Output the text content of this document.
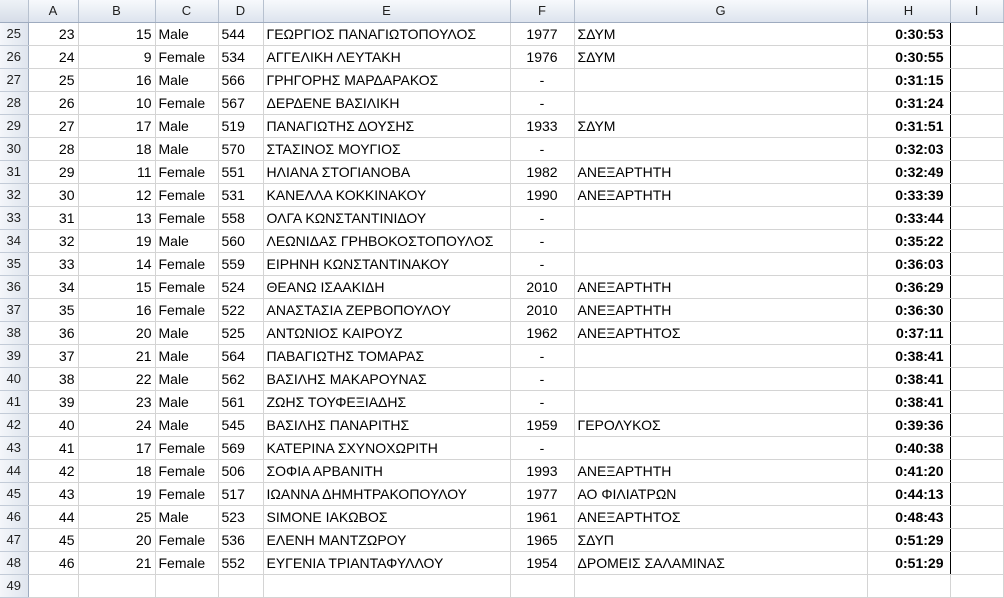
	A	B	C	D	E	F	G	H	I
25	23	15	Male	544	ΓΕΩΡΓΙΟΣ ΠΑΝΑΓΙΩΤΟΠΟΥΛΟΣ	1977	ΣΔΥΜ	0:30:53	
26	24	9	Female	534	ΑΓΓΕΛΙΚΗ ΛΕΥΤΑΚΗ	1976	ΣΔΥΜ	0:30:55	
27	25	16	Male	566	ΓΡΗΓΟΡΗΣ ΜΑΡΔΑΡΑΚΟΣ	-		0:31:15	
28	26	10	Female	567	ΔΕΡΔΕΝΕ ΒΑΣΙΛΙΚΗ	-		0:31:24	
29	27	17	Male	519	ΠΑΝΑΓΙΩΤΗΣ ΔΟΥΣΗΣ	1933	ΣΔΥΜ	0:31:51	
30	28	18	Male	570	ΣΤΑΣΙΝΟΣ ΜΟΥΓΙΟΣ	-		0:32:03	
31	29	11	Female	551	ΗΛΙΑΝΑ ΣΤΟΓΙΑΝΟΒΑ	1982	ΑΝΕΞΑΡΤΗΤΗ	0:32:49	
32	30	12	Female	531	ΚΑΝΕΛΛΑ ΚΟΚΚΙΝΑΚΟΥ	1990	ΑΝΕΞΑΡΤΗΤΗ	0:33:39	
33	31	13	Female	558	ΟΛΓΑ ΚΩΝΣΤΑΝΤΙΝΙΔΟΥ	-		0:33:44	
34	32	19	Male	560	ΛΕΩΝΙΔΑΣ ΓΡΗΒΟΚΟΣΤΟΠΟΥΛΟΣ	-		0:35:22	
35	33	14	Female	559	ΕΙΡΗΝΗ ΚΩΝΣΤΑΝΤΙΝΑΚΟΥ	-		0:36:03	
36	34	15	Female	524	ΘΕΑΝΩ ΙΣΑΑΚΙΔΗ	2010	ΑΝΕΞΑΡΤΗΤΗ	0:36:29	
37	35	16	Female	522	ΑΝΑΣΤΑΣΙΑ ΖΕΡΒΟΠΟΥΛΟΥ	2010	ΑΝΕΞΑΡΤΗΤΗ	0:36:30	
38	36	20	Male	525	ΑΝΤΩΝΙΟΣ ΚΑΙΡΟΥΖ	1962	ΑΝΕΞΑΡΤΗΤΟΣ	0:37:11	
39	37	21	Male	564	ΠΑΒΑΓΙΩΤΗΣ ΤΟΜΑΡΑΣ	-		0:38:41	
40	38	22	Male	562	ΒΑΣΙΛΗΣ ΜΑΚΑΡΟΥΝΑΣ	-		0:38:41	
41	39	23	Male	561	ΖΩΗΣ ΤΟΥΦΕΞΙΑΔΗΣ	-		0:38:41	
42	40	24	Male	545	ΒΑΣΙΛΗΣ ΠΑΝΑΡΙΤΗΣ	1959	ΓΕΡΟΛΥΚΟΣ	0:39:36	
43	41	17	Female	569	ΚΑΤΕΡΙΝΑ ΣΧΥΝΟΧΩΡΙΤΗ	-		0:40:38	
44	42	18	Female	506	ΣΟΦΙΑ ΑΡΒΑΝΙΤΗ	1993	ΑΝΕΞΑΡΤΗΤΗ	0:41:20	
45	43	19	Female	517	ΙΩΑΝΝΑ ΔΗΜΗΤΡΑΚΟΠΟΥΛΟΥ	1977	ΑΟ ΦΙΛΙΑΤΡΩΝ	0:44:13	
46	44	25	Male	523	SIMONE ΙΑΚΩΒΟΣ	1961	ΑΝΕΞΑΡΤΗΤΟΣ	0:48:43	
47	45	20	Female	536	ΕΛΕΝΗ ΜΑΝΤΖΩΡΟΥ	1965	ΣΔΥΠ	0:51:29	
48	46	21	Female	552	ΕΥΓΕΝΙΑ ΤΡΙΑΝΤΑΦΥΛΛΟΥ	1954	ΔΡΟΜΕΙΣ ΣΑΛΑΜΙΝΑΣ	0:51:29	
49									
